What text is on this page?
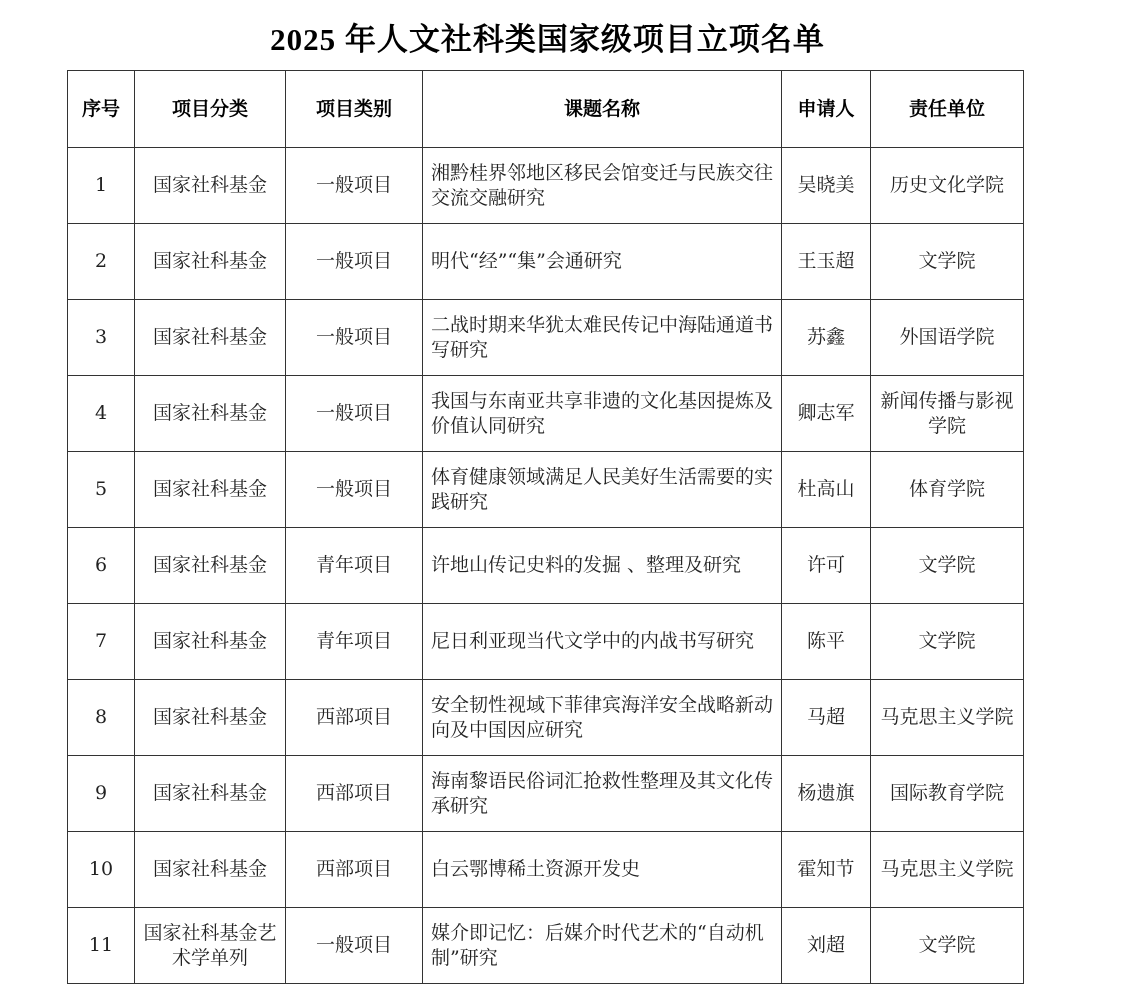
2025 年人文社科类国家级项目立项名单
序号	项目分类	项目类别	课题名称	申请人	责任单位
1	国家社科基金	一般项目	湘黔桂界邻地区移民会馆变迁与民族交往交流交融研究	吴晓美	历史文化学院
2	国家社科基金	一般项目	明代“经”“集”会通研究	王玉超	文学院
3	国家社科基金	一般项目	二战时期来华犹太难民传记中海陆通道书写研究	苏鑫	外国语学院
4	国家社科基金	一般项目	我国与东南亚共享非遗的文化基因提炼及价值认同研究	卿志军	新闻传播与影视学院
5	国家社科基金	一般项目	体育健康领域满足人民美好生活需要的实践研究	杜高山	体育学院
6	国家社科基金	青年项目	许地山传记史料的发掘 、整理及研究	许可	文学院
7	国家社科基金	青年项目	尼日利亚现当代文学中的内战书写研究	陈平	文学院
8	国家社科基金	西部项目	安全韧性视域下菲律宾海洋安全战略新动向及中国因应研究	马超	马克思主义学院
9	国家社科基金	西部项目	海南黎语民俗词汇抢救性整理及其文化传承研究	杨遗旗	国际教育学院
10	国家社科基金	西部项目	白云鄂博稀土资源开发史	霍知节	马克思主义学院
11	国家社科基金艺术学单列	一般项目	媒介即记忆：后媒介时代艺术的“自动机制”研究	刘超	文学院
